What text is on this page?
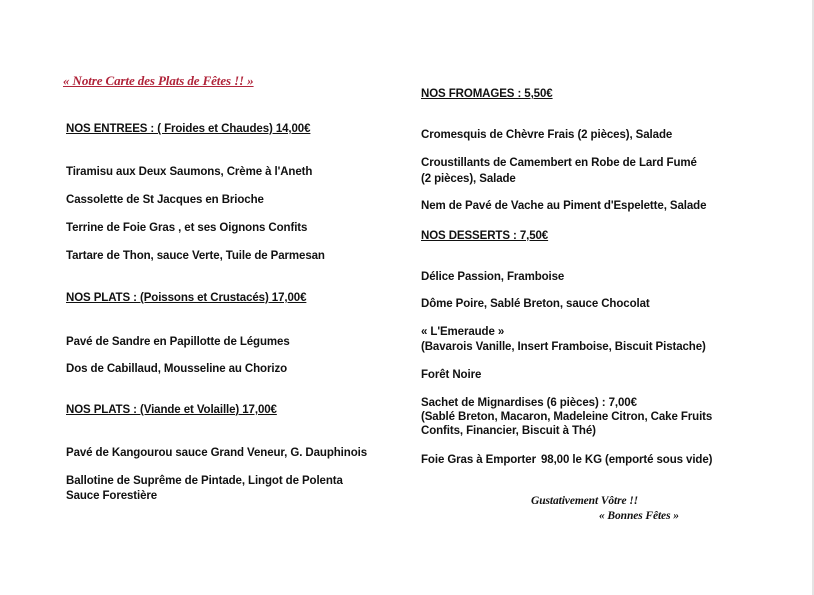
« Notre Carte des Plats de Fêtes !! »
NOS ENTREES : ( Froides et Chaudes) 14,00€
Tiramisu aux Deux Saumons, Crème à l'Aneth
Cassolette de St Jacques en Brioche
Terrine de Foie Gras , et ses Oignons Confits
Tartare de Thon, sauce Verte, Tuile de Parmesan
NOS PLATS : (Poissons et Crustacés) 17,00€
Pavé de Sandre en Papillotte de Légumes
Dos de Cabillaud, Mousseline au Chorizo
NOS PLATS : (Viande et Volaille) 17,00€
Pavé de Kangourou sauce Grand Veneur, G. Dauphinois
Ballotine de Suprême de Pintade, Lingot de Polenta
Sauce Forestière
NOS FROMAGES : 5,50€
Cromesquis de Chèvre Frais (2 pièces), Salade
Croustillants de Camembert en Robe de Lard Fumé
(2 pièces), Salade
Nem de Pavé de Vache au Piment d'Espelette, Salade
NOS DESSERTS : 7,50€
Délice Passion, Framboise
Dôme Poire, Sablé Breton, sauce Chocolat
« L'Emeraude »
(Bavarois Vanille, Insert Framboise, Biscuit Pistache)
Forêt Noire
Sachet de Mignardises (6 pièces) : 7,00€
(Sablé Breton, Macaron, Madeleine Citron, Cake Fruits
Confits, Financier, Biscuit à Thé)
Foie Gras à Emporter 98,00 le KG (emporté sous vide)
Gustativement Vôtre !!
« Bonnes Fêtes »
